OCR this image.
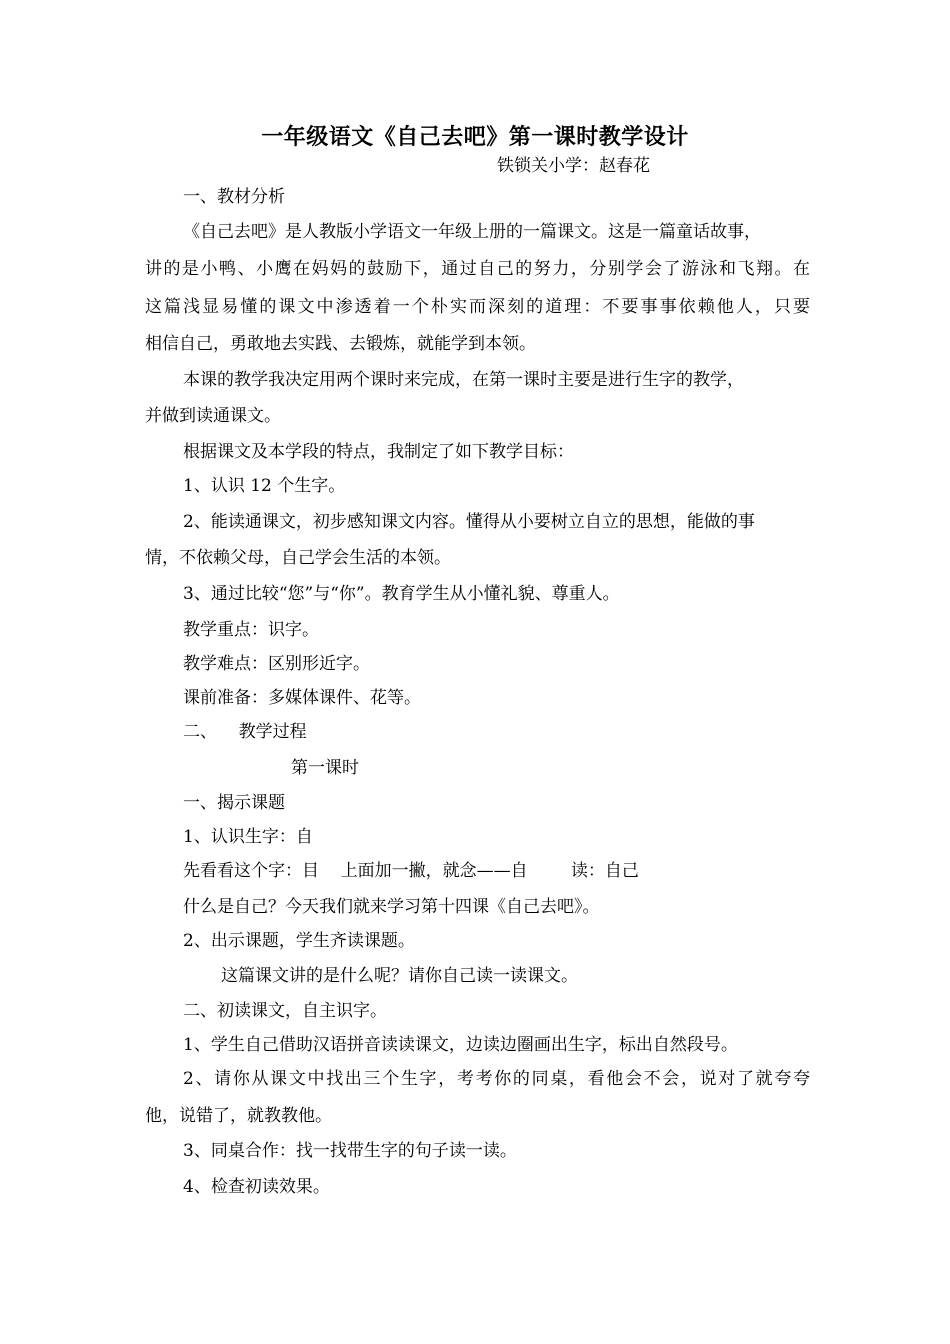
一年级语文《自己去吧》第一课时教学设计
铁锁关小学：赵春花
一、教材分析
《自己去吧》是人教版小学语文一年级上册的一篇课文。这是一篇童话故事，
讲的是小鸭、小鹰在妈妈的鼓励下，通过自己的努力，分别学会了游泳和飞翔。在
这篇浅显易懂的课文中渗透着一个朴实而深刻的道理：不要事事依赖他人，只要
相信自己，勇敢地去实践、去锻炼，就能学到本领。
本课的教学我决定用两个课时来完成，在第一课时主要是进行生字的教学，
并做到读通课文。
根据课文及本学段的特点，我制定了如下教学目标：
1、认识 12 个生字。
2、能读通课文，初步感知课文内容。懂得从小要树立自立的思想，能做的事
情，不依赖父母，自己学会生活的本领。
3、通过比较“您”与“你”。教育学生从小懂礼貌、尊重人。
教学重点：识字。
教学难点：区别形近字。
课前准备：多媒体课件、花等。
二、    教学过程
第一课时
一、揭示课题
1、认识生字：自
先看看这个字：目    上面加一撇，就念——自        读：自己
什么是自己？今天我们就来学习第十四课《自己去吧》。
2、出示课题，学生齐读课题。
这篇课文讲的是什么呢？请你自己读一读课文。
二、初读课文，自主识字。
1、学生自己借助汉语拼音读读课文，边读边圈画出生字，标出自然段号。
2、请你从课文中找出三个生字，考考你的同桌，看他会不会，说对了就夸夸
他，说错了，就教教他。
3、同桌合作：找一找带生字的句子读一读。
4、检查初读效果。
